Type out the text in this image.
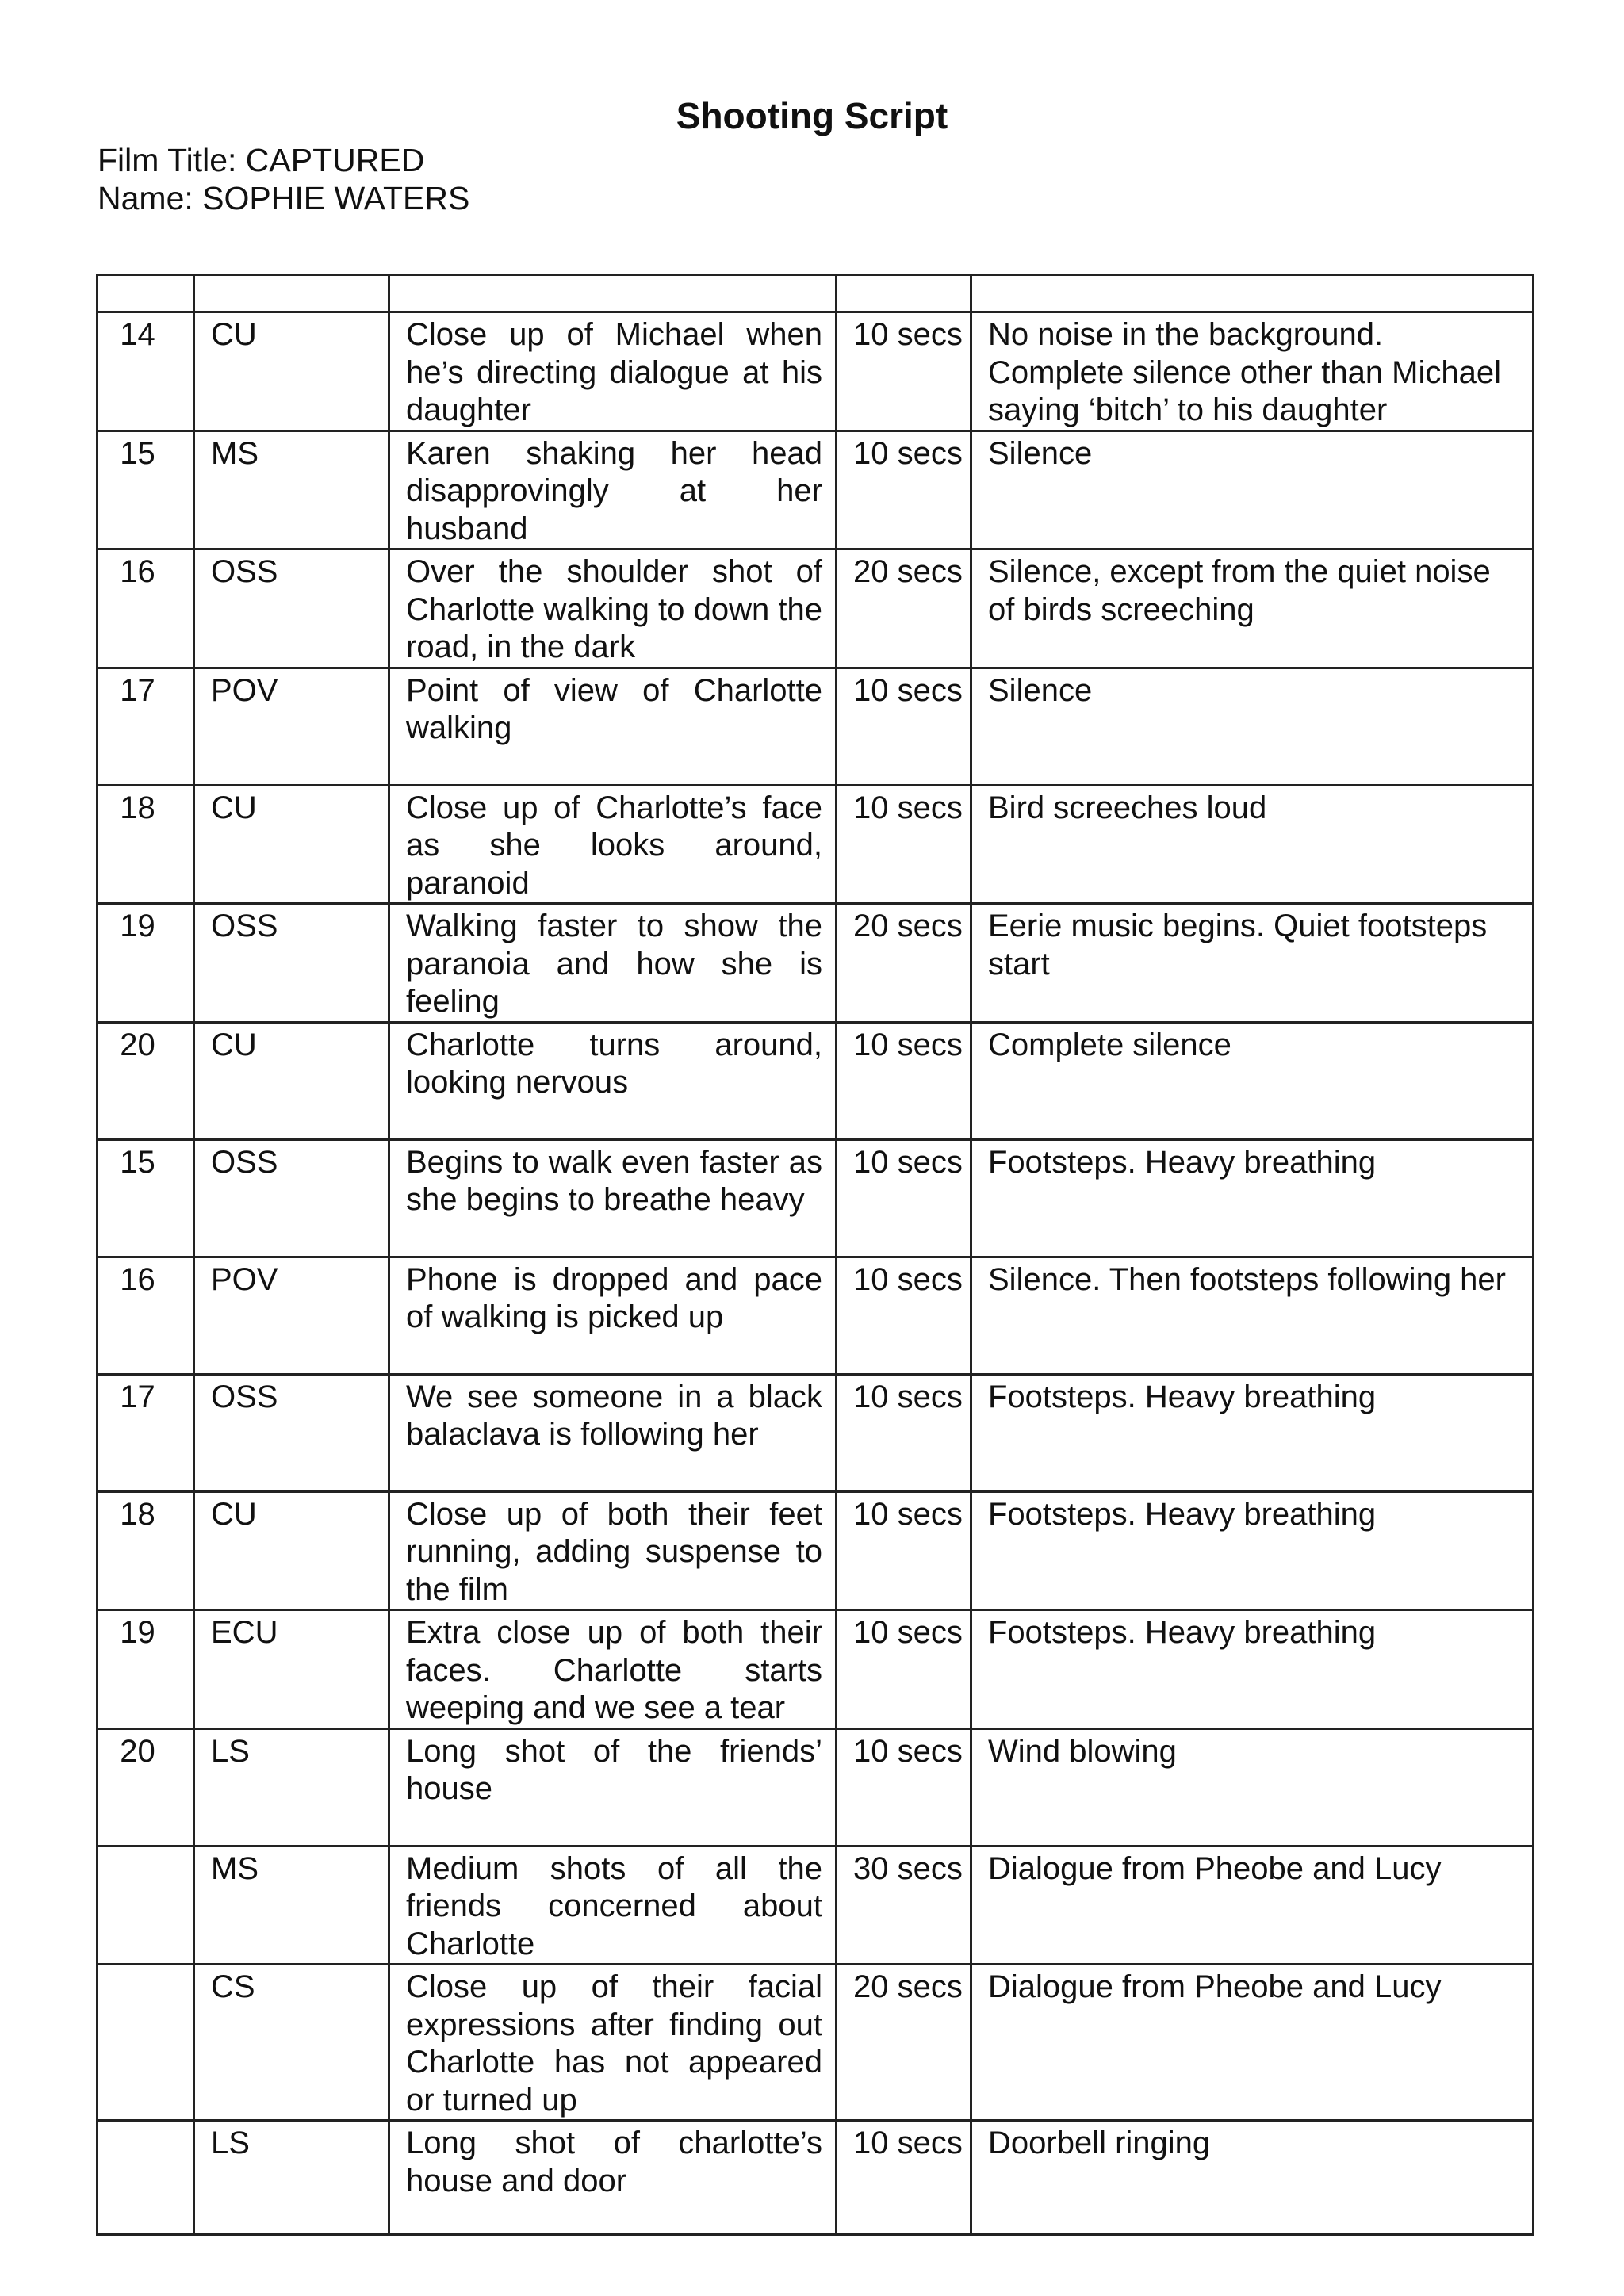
Shooting Script
Film Title: CAPTURED
Name: SOPHIE WATERS

14	CU	Close up of Michael when he’s directing dialogue at his daughter	10 secs	No noise in the background. Complete silence other than Michael saying ‘bitch’ to his daughter

15	MS	Karen shaking her head disapprovingly at her husband	10 secs	Silence

16	OSS	Over the shoulder shot of Charlotte walking to down the road, in the dark	20 secs	Silence, except from the quiet noise of birds screeching

17	POV	Point of view of Charlotte walking	10 secs	Silence

18	CU	Close up of Charlotte’s face as she looks around, paranoid	10 secs	Bird screeches loud

19	OSS	Walking faster to show the paranoia and how she is feeling	20 secs	Eerie music begins. Quiet footsteps start

20	CU	Charlotte turns around, looking nervous	10 secs	Complete silence

15	OSS	Begins to walk even faster as she begins to breathe heavy	10 secs	Footsteps. Heavy breathing

16	POV	Phone is dropped and pace of walking is picked up	10 secs	Silence. Then footsteps following her

17	OSS	We see someone in a black balaclava is following her	10 secs	Footsteps. Heavy breathing

18	CU	Close up of both their feet running, adding suspense to the film	10 secs	Footsteps. Heavy breathing

19	ECU	Extra close up of both their faces. Charlotte starts weeping and we see a tear	10 secs	Footsteps. Heavy breathing

20	LS	Long shot of the friends’ house	10 secs	Wind blowing

	MS	Medium shots of all the friends concerned about Charlotte	30 secs	Dialogue from Pheobe and Lucy

	CS	Close up of their facial expressions after finding out Charlotte has not appeared or turned up	20 secs	Dialogue from Pheobe and Lucy

	LS	Long shot of charlotte’s house and door	10 secs	Doorbell ringing
